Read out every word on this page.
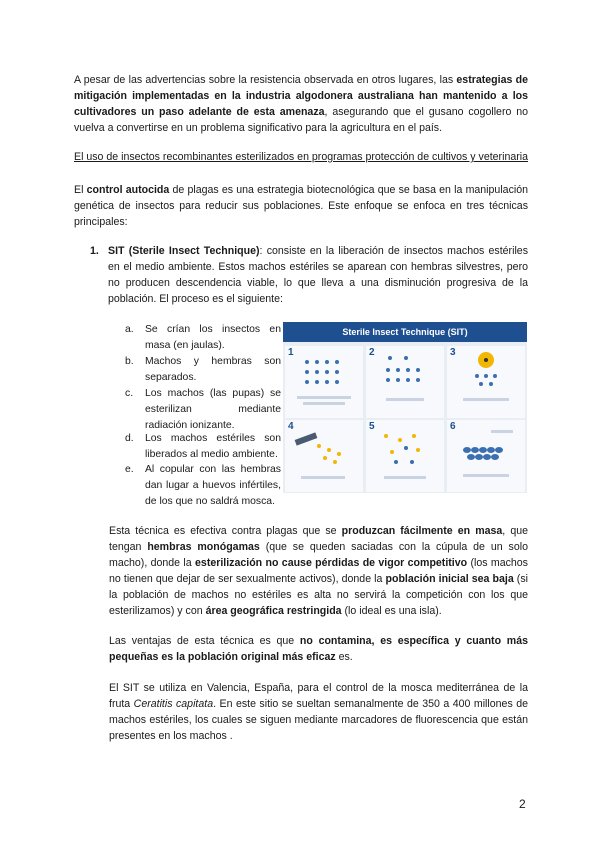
A pesar de las advertencias sobre la resistencia observada en otros lugares, las estrategias de mitigación implementadas en la industria algodonera australiana han mantenido a los cultivadores un paso adelante de esta amenaza, asegurando que el gusano cogollero no vuelva a convertirse en un problema significativo para la agricultura en el país.
El uso de insectos recombinantes esterilizados en programas protección de cultivos y veterinaria
El control autocida de plagas es una estrategia biotecnológica que se basa en la manipulación genética de insectos para reducir sus poblaciones. Este enfoque se enfoca en tres técnicas principales:
1. SIT (Sterile Insect Technique): consiste en la liberación de insectos machos estériles en el medio ambiente. Estos machos estériles se aparean con hembras silvestres, pero no producen descendencia viable, lo que lleva a una disminución progresiva de la población. El proceso es el siguiente:
a. Se crían los insectos en masa (en jaulas).
b. Machos y hembras son separados.
c. Los machos (las pupas) se esterilizan mediante radiación ionizante.
d. Los machos estériles son liberados al medio ambiente.
e. Al copular con las hembras dan lugar a huevos infértiles, de los que no saldrá mosca.
Sterile Insect Technique (SIT)
1	2	3
4	5	6
Esta técnica es efectiva contra plagas que se produzcan fácilmente en masa, que tengan hembras monógamas (que se queden saciadas con la cúpula de un solo macho), donde la esterilización no cause pérdidas de vigor competitivo (los machos no tienen que dejar de ser sexualmente activos), donde la población inicial sea baja (si la población de machos no estériles es alta no servirá la competición con los que esterilizamos) y con área geográfica restringida (lo ideal es una isla).
Las ventajas de esta técnica es que no contamina, es específica y cuanto más pequeñas es la población original más eficaz es.
El SIT se utiliza en Valencia, España, para el control de la mosca mediterránea de la fruta Ceratitis capitata. En este sitio se sueltan semanalmente de 350 a 400 millones de machos estériles, los cuales se siguen mediante marcadores de fluorescencia que están presentes en los machos .
2
